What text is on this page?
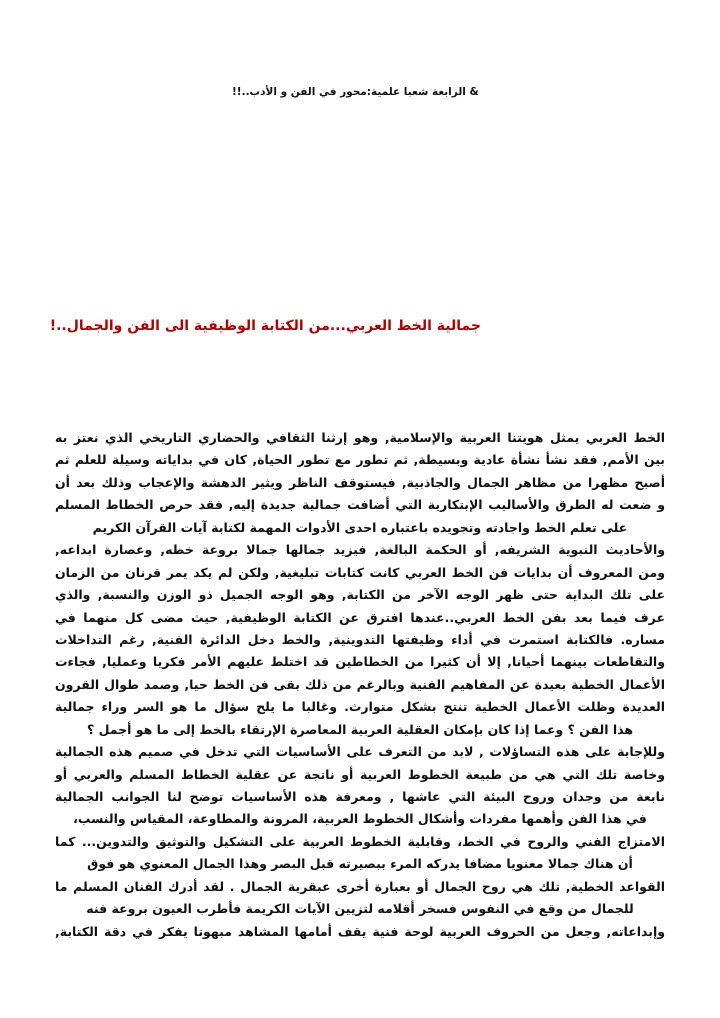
& الرابعة شعبا علمية:محور في الفن و الأدب..!!
جمالية الخط العربي...من الكتابة الوظيفية الى الفن والجمال..!
الخط العربي يمثل هويتنا العربية والإسلامية, وهو إرثنا الثقافي والحضاري التاريخي الذي نعتز به
بين الأمم, فقد نشأ نشأة عادية وبسيطة, ثم تطور مع تطور الحياة, كان في بداياته وسيلة للعلم ثم
أصبح مظهرا من مظاهر الجمال والجاذبية, فيستوقف الناظر ويثير الدهشة والإعجاب وذلك بعد أن
و ضعت له الطرق والأساليب الإبتكارية التي أضافت جمالية جديدة إليه, فقد حرص الخطاط المسلم
على تعلم الخط واجادته وتجويده باعتباره احدى الأدوات المهمة لكتابة آيات القرآن الكريم
والأحاديث النبوية الشريفه, أو الحكمة البالغة, فيزيد جمالها جمالا بروعة خطه, وعصارة ابداعه,
ومن المعروف أن بدايات فن الخط العربي كانت كتابات تبليغية, ولكن لم يكد يمر قرنان من الزمان
على تلك البداية حتى ظهر الوجه الآخر من الكتابة, وهو الوجه الجميل ذو الوزن والنسبة, والذي
عرف فيما بعد بفن الخط العربي..عندها افترق عن الكتابة الوظيفية, حيث مضى كل منهما في
مساره. فالكتابة استمرت في أداء وظيفتها التدوينية, والخط دخل الدائرة الفنية, رغم التداخلات
والتقاطعات بينهما أحيانا, إلا أن كثيرا من الخطاطين قد اختلط عليهم الأمر فكريا وعمليا, فجاءت
الأعمال الخطية بعيدة عن المفاهيم الفنية وبالرغم من ذلك بقى فن الخط حيا, وصمد طوال القرون
العديدة وظلت الأعمال الخطية تنتج بشكل متوارث. وغالبا ما يلح سؤال ما هو السر وراء جمالية
هذا الفن ؟ وعما إذا كان بإمكان العقلية العربية المعاصرة الإرتقاء بالخط إلى ما هو أجمل ؟
وللإجابة على هذه التساؤلات , لابد من التعرف على الأساسيات التي تدخل في صميم هذه الجمالية
وخاصة تلك التي هي من طبيعة الخطوط العربية أو ناتجة عن عقلية الخطاط المسلم والعربي أو
نابعة من وجدان وروح البيئة التي عاشها , ومعرفة هذه الأساسيات توضح لنا الجوانب الجمالية
في هذا الفن وأهمها مفردات وأشكال الخطوط العربية، المرونة والمطاوعة، المقياس والنسب،
الامتزاج الفني والروح في الخط، وقابلية الخطوط العربية على التشكيل والتوثيق والتدوين... كما
أن هناك جمالا معنويا مضافا يدركه المرء ببصيرته قبل البصر وهذا الجمال المعنوي هو فوق
القواعد الخطية, تلك هي روح الجمال أو بعبارة أخرى عبقرية الجمال . لقد أدرك الفنان المسلم ما
للجمال من وقع في النفوس فسخر أقلامه لتزيين الآيات الكريمة فأطرب العيون بروعة فنه
وإبداعاته, وجعل من الحروف العربية لوحة فنية يقف أمامها المشاهد مبهوتا يفكر في دقة الكتابة,
